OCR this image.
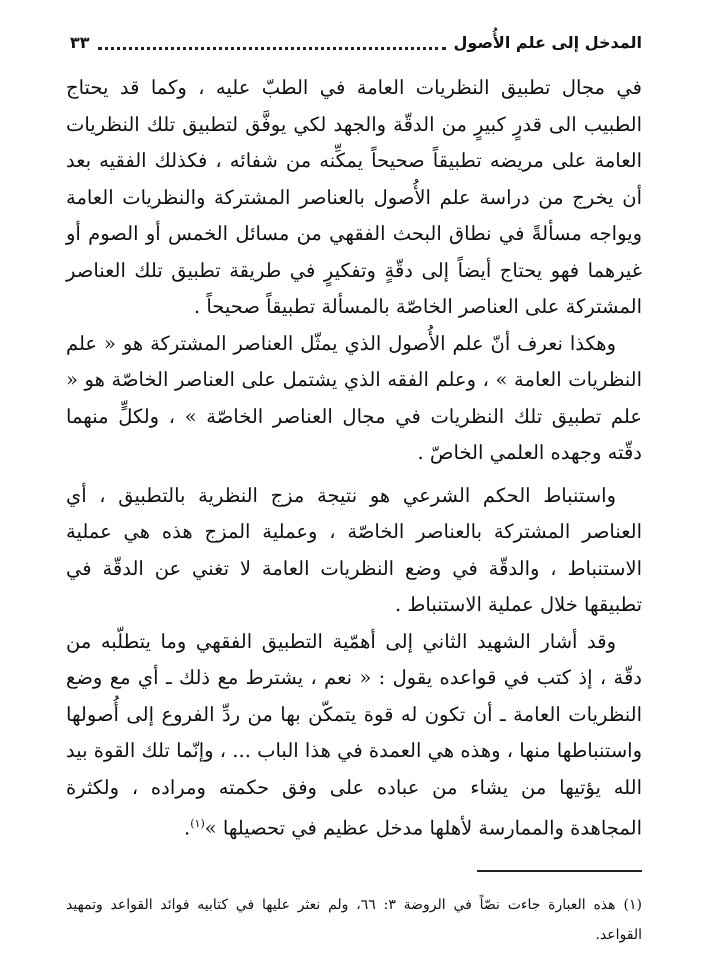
المدخل إلى علم الأُصول
٣٣

في مجال تطبيق النظريات العامة في الطبّ عليه ، وكما قد يحتاج الطبيب الى قدرٍ كبيرٍ من الدقّة والجهد لكي يوفَّق لتطبيق تلك النظريات العامة على مريضه تطبيقاً صحيحاً يمكِّنه من شفائه ، فكذلك الفقيه بعد أن يخرج من دراسة علم الأُصول بالعناصر المشتركة والنظريات العامة ويواجه مسألةً في نطاق البحث الفقهي من مسائل الخمس أو الصوم أو غيرهما فهو يحتاج أيضاً إلى دقّةٍ وتفكيرٍ في طريقة تطبيق تلك العناصر المشتركة على العناصر الخاصّة بالمسألة تطبيقاً صحيحاً .

وهكذا نعرف أنّ علم الأُصول الذي يمثّل العناصر المشتركة هو « علم النظريات العامة » ، وعلم الفقه الذي يشتمل على العناصر الخاصّة هو « علم تطبيق تلك النظريات في مجال العناصر الخاصّة » ، ولكلٍّ منهما دقّته وجهده العلمي الخاصّ .

واستنباط الحكم الشرعي هو نتيجة مزج النظرية بالتطبيق ، أي العناصر المشتركة بالعناصر الخاصّة ، وعملية المزج هذه هي عملية الاستنباط ، والدقّة في وضع النظريات العامة لا تغني عن الدقّة في تطبيقها خلال عملية الاستنباط .

وقد أشار الشهيد الثاني إلى أهمّية التطبيق الفقهي وما يتطلّبه من دقّة ، إذ كتب في قواعده يقول : « نعم ، يشترط مع ذلك ـ أي مع وضع النظريات العامة ـ أن تكون له قوة يتمكّن بها من ردِّ الفروع إلى أُصولها واستنباطها منها ، وهذه هي العمدة في هذا الباب ... ، وإنّما تلك القوة بيد الله يؤتيها من يشاء من عباده على وفق حكمته ومراده ، ولكثرة المجاهدة والممارسة لأهلها مدخل عظيم في تحصيلها »$^{(١)}$.

(١)هذه العبارة جاءت نصّاً في الروضة ٣: ٦٦، ولم نعثر عليها في كتابيه فوائد القواعد وتمهيد القواعد.
